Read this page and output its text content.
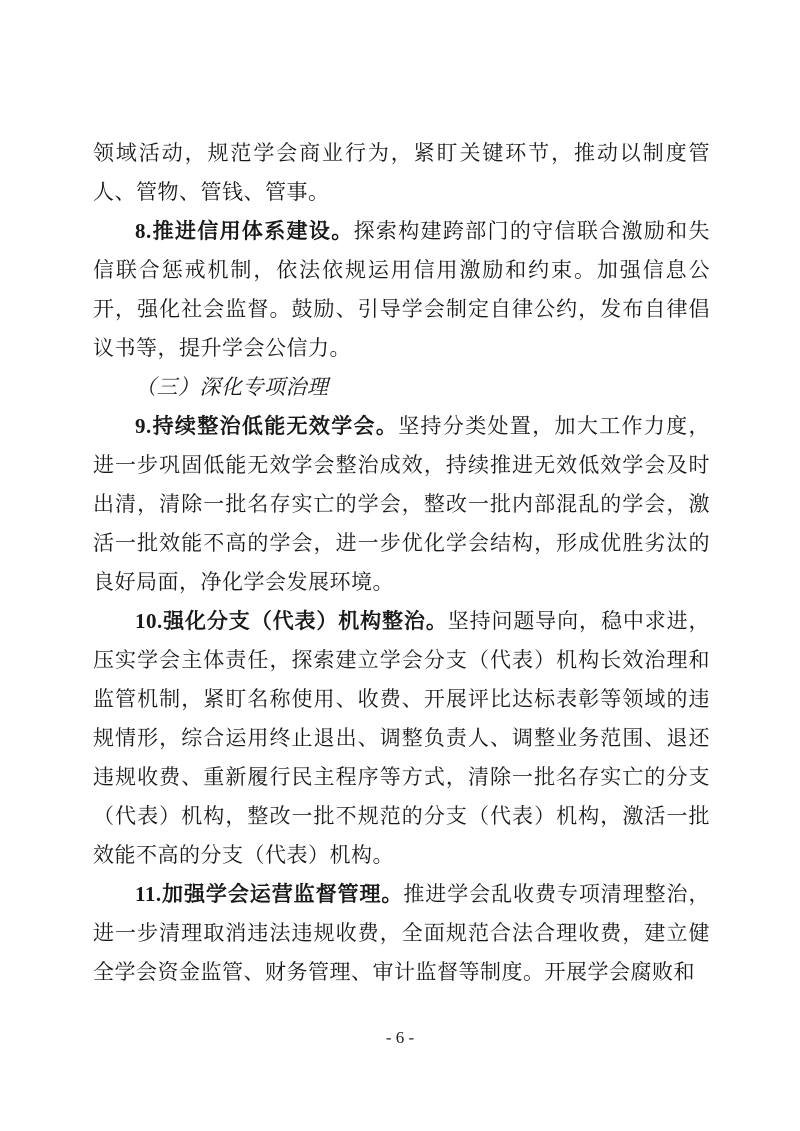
领域活动，规范学会商业行为，紧盯关键环节，推动以制度管人、管物、管钱、管事。

8.推进信用体系建设。探索构建跨部门的守信联合激励和失信联合惩戒机制，依法依规运用信用激励和约束。加强信息公开，强化社会监督。鼓励、引导学会制定自律公约，发布自律倡议书等，提升学会公信力。

（三）深化专项治理

9.持续整治低能无效学会。坚持分类处置，加大工作力度，进一步巩固低能无效学会整治成效，持续推进无效低效学会及时出清，清除一批名存实亡的学会，整改一批内部混乱的学会，激活一批效能不高的学会，进一步优化学会结构，形成优胜劣汰的良好局面，净化学会发展环境。

10.强化分支（代表）机构整治。坚持问题导向，稳中求进，压实学会主体责任，探索建立学会分支（代表）机构长效治理和监管机制，紧盯名称使用、收费、开展评比达标表彰等领域的违规情形，综合运用终止退出、调整负责人、调整业务范围、退还违规收费、重新履行民主程序等方式，清除一批名存实亡的分支（代表）机构，整改一批不规范的分支（代表）机构，激活一批效能不高的分支（代表）机构。

11.加强学会运营监督管理。推进学会乱收费专项清理整治，进一步清理取消违法违规收费，全面规范合法合理收费，建立健全学会资金监管、财务管理、审计监督等制度。开展学会腐败和

- 6 -
